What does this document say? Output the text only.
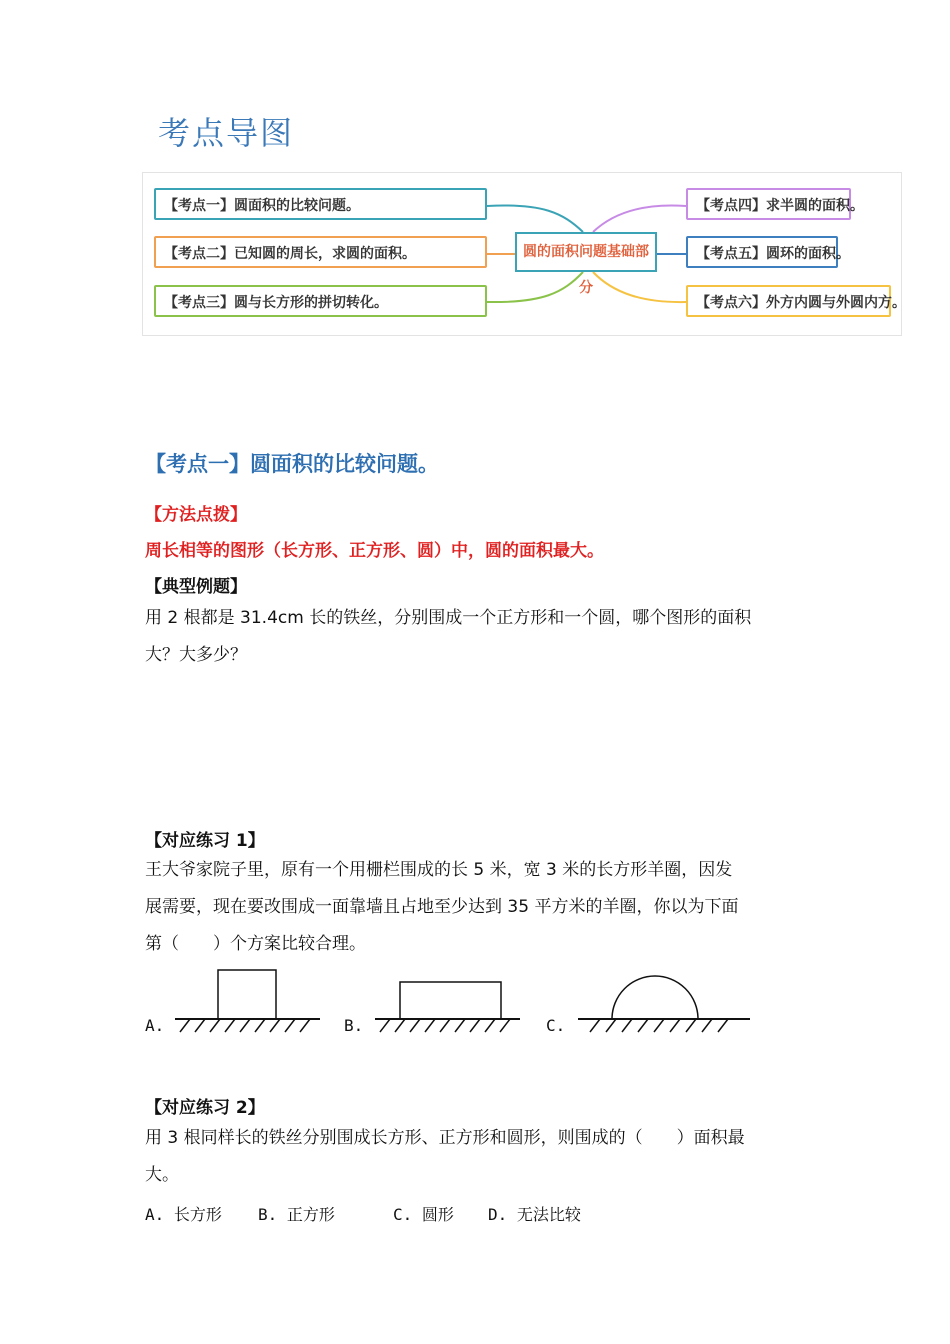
考点导图
【考点一】圆面积的比较问题。
【考点二】已知圆的周长，求圆的面积。
【考点三】圆与长方形的拼切转化。
圆的面积问题基础部分
【考点四】求半圆的面积。
【考点五】圆环的面积。
【考点六】外方内圆与外圆内方。
【考点一】圆面积的比较问题。
【方法点拨】
周长相等的图形（长方形、正方形、圆）中，圆的面积最大。
【典型例题】
用 2 根都是 31.4cm 长的铁丝，分别围成一个正方形和一个圆，哪个图形的面积
大？大多少？
【对应练习 1】
王大爷家院子里，原有一个用栅栏围成的长 5 米，宽 3 米的长方形羊圈，因发
展需要，现在要改围成一面靠墙且占地至少达到 35 平方米的羊圈，你以为下面
第（　　）个方案比较合理。
A.	B.	C.
【对应练习 2】
用 3 根同样长的铁丝分别围成长方形、正方形和圆形，则围成的（　　）面积最
大。
A. 长方形 B. 正方形	C. 圆形 D. 无法比较
